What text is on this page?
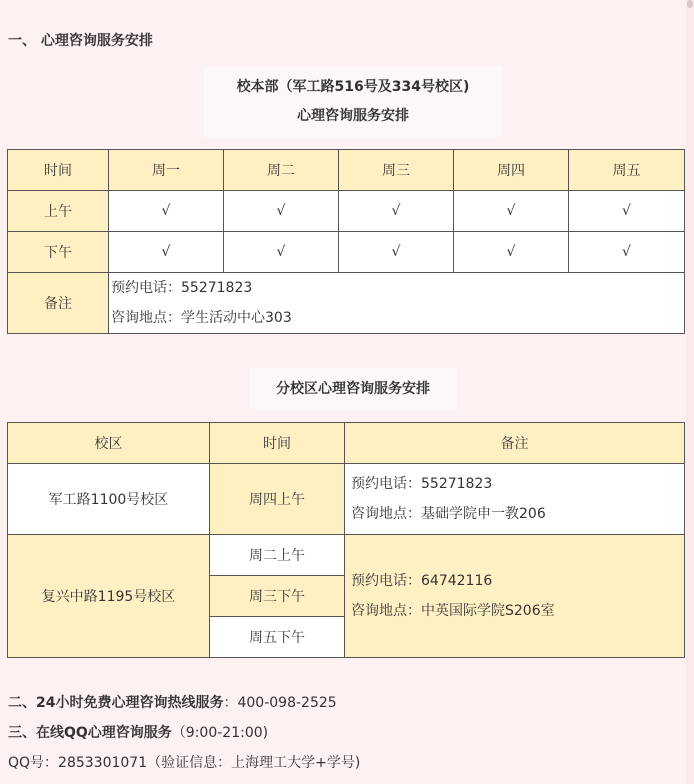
一、 心理咨询服务安排
校本部（军工路516号及334号校区)
心理咨询服务安排
时间	周一	周二	周三	周四	周五
上午	√	√	√	√	√
下午	√	√	√	√	√
备注	预约电话：55271823
咨询地点：学生活动中心303				
分校区心理咨询服务安排
校区	时间	备注
军工路1100号校区	周四上午	预约电话：55271823
咨询地点：基础学院申一教206

复兴中路1195号校区	周二上午	预约电话：64742116
咨询地点：中英国际学院S206室

	周三下午	
	周五下午	
二、24小时免费心理咨询热线服务：400-098-2525
三、在线QQ心理咨询服务（9:00-21:00)
QQ号：2853301071（验证信息：上海理工大学+学号)
